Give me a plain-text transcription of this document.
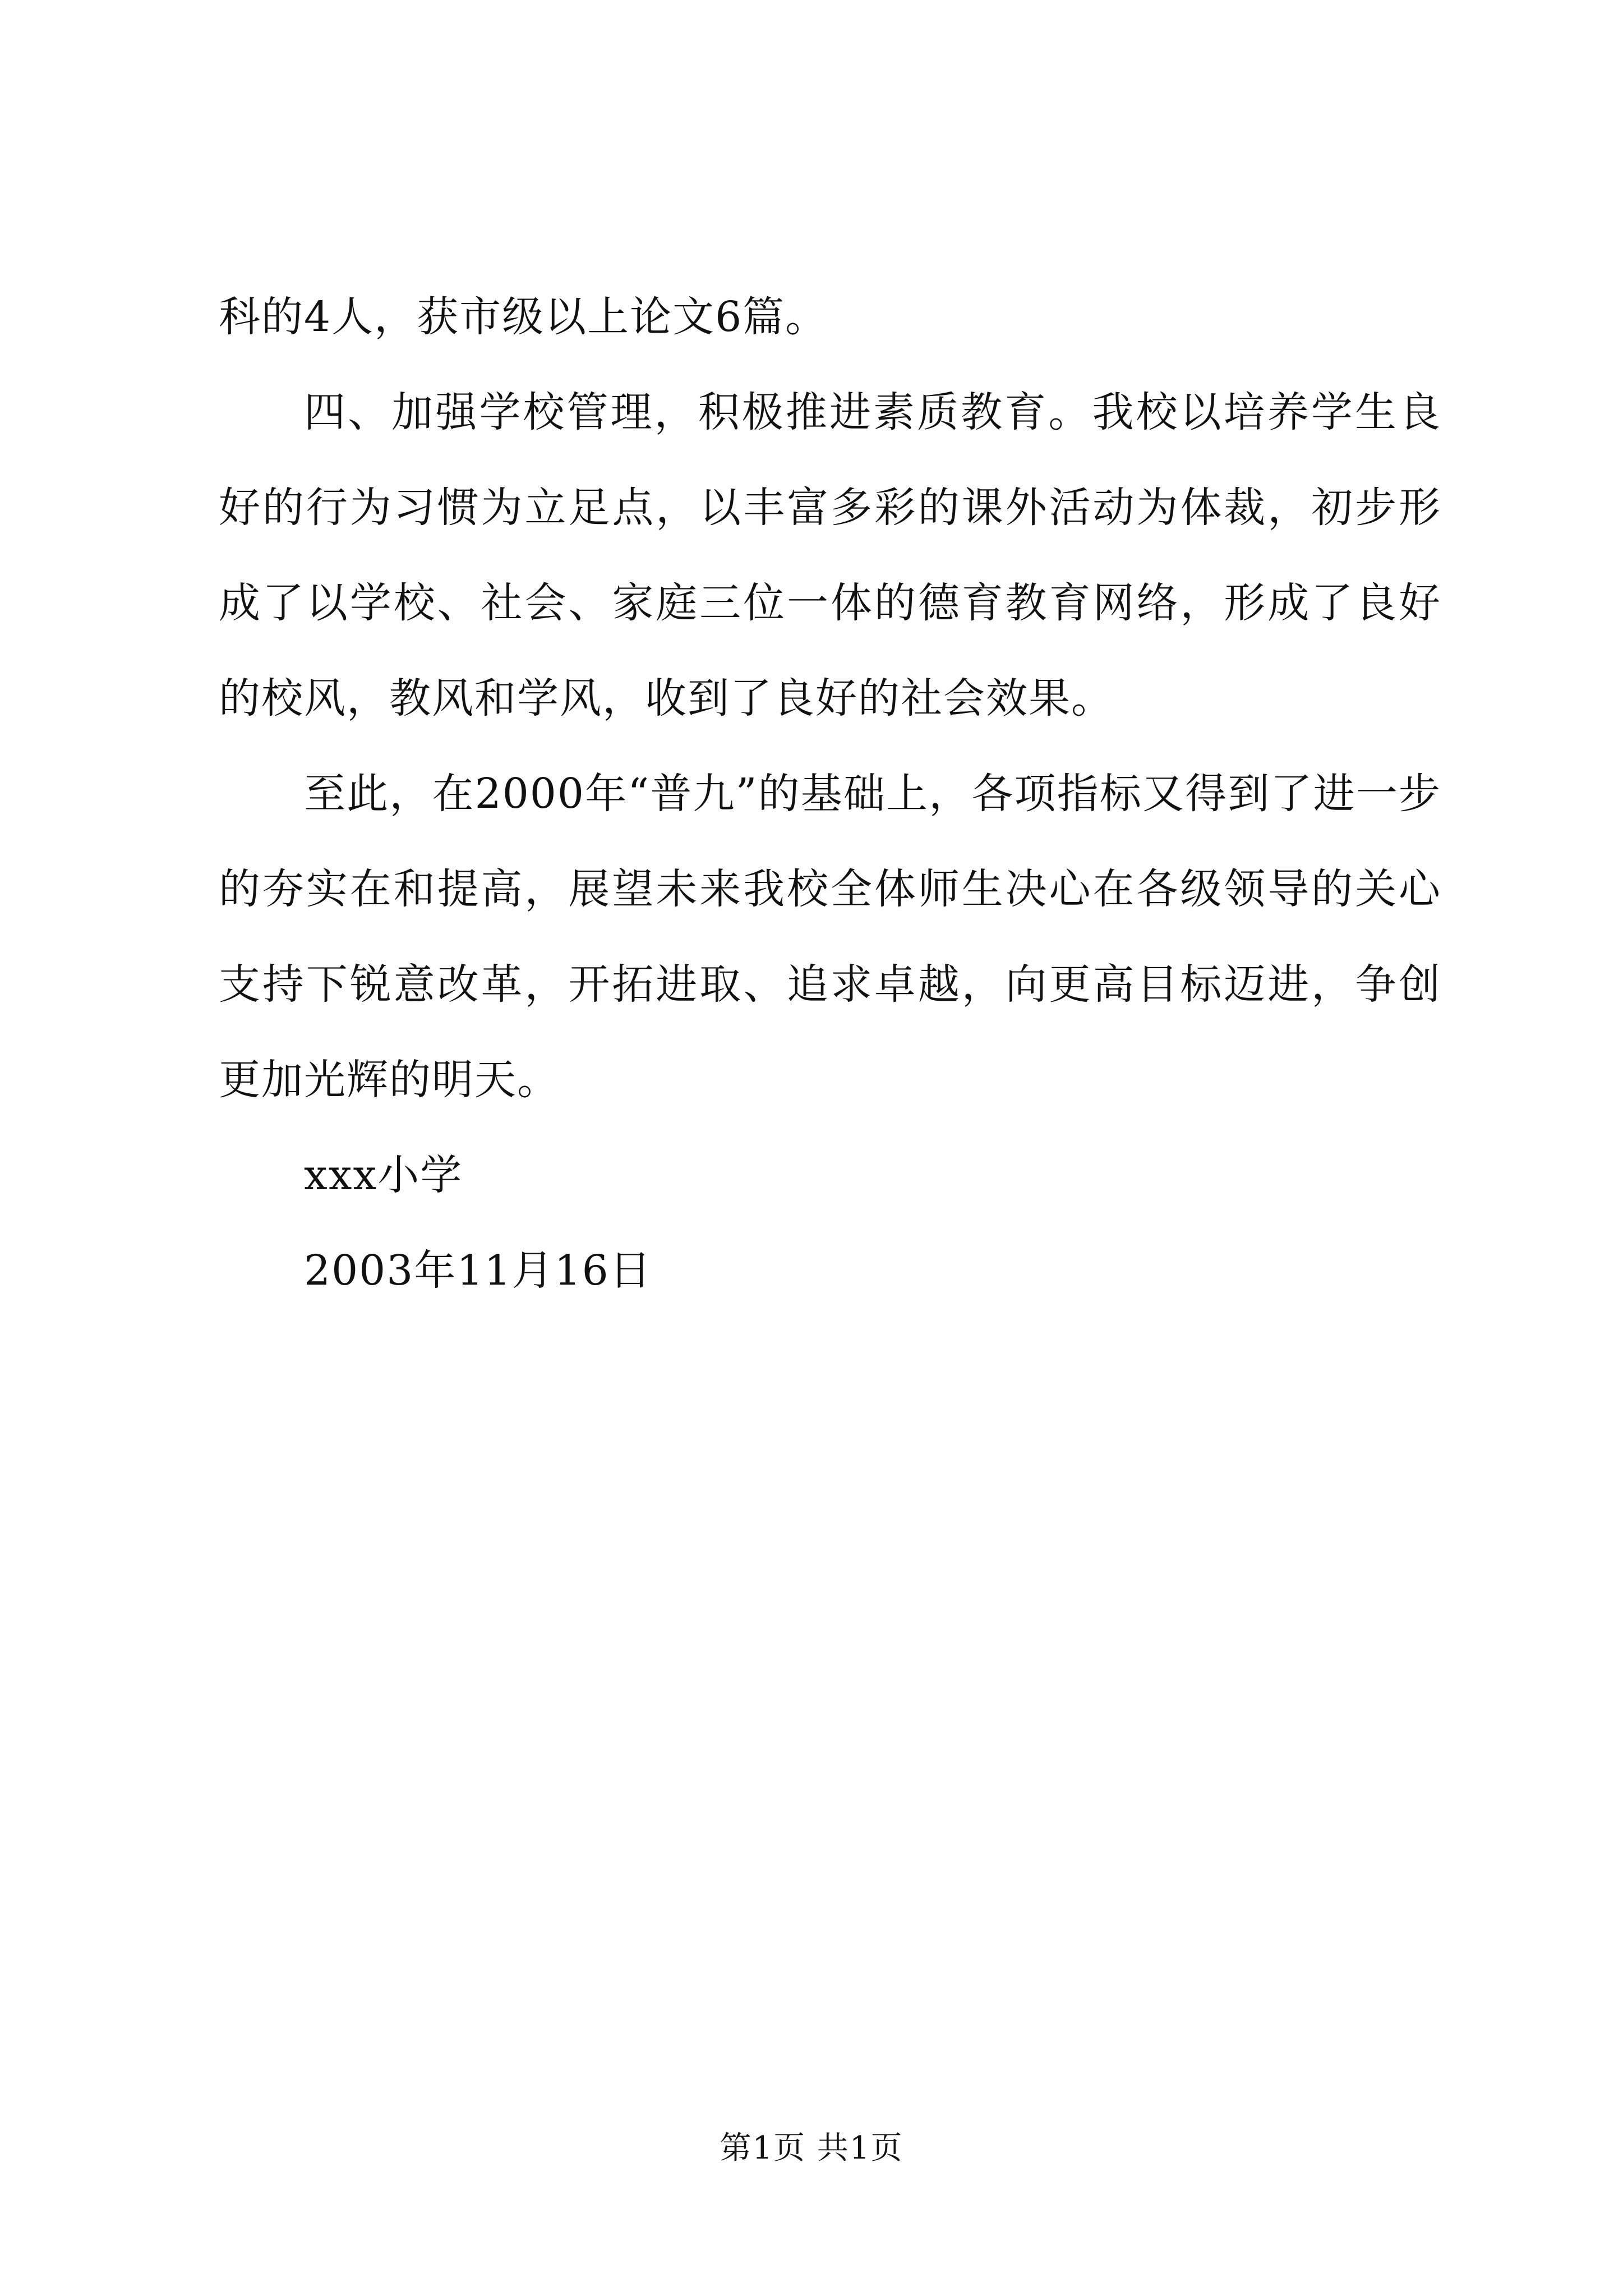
科的4人，获市级以上论文6篇。

四、加强学校管理，积极推进素质教育。我校以培养学生良好的行为习惯为立足点，以丰富多彩的课外活动为体裁，初步形成了以学校、社会、家庭三位一体的德育教育网络，形成了良好的校风，教风和学风，收到了良好的社会效果。

至此，在2000年“普九”的基础上，各项指标又得到了进一步的夯实在和提高，展望未来我校全体师生决心在各级领导的关心支持下锐意改革，开拓进取、追求卓越，向更高目标迈进，争创更加光辉的明天。

xxx小学

2003年11月16日

第1页 共1页
